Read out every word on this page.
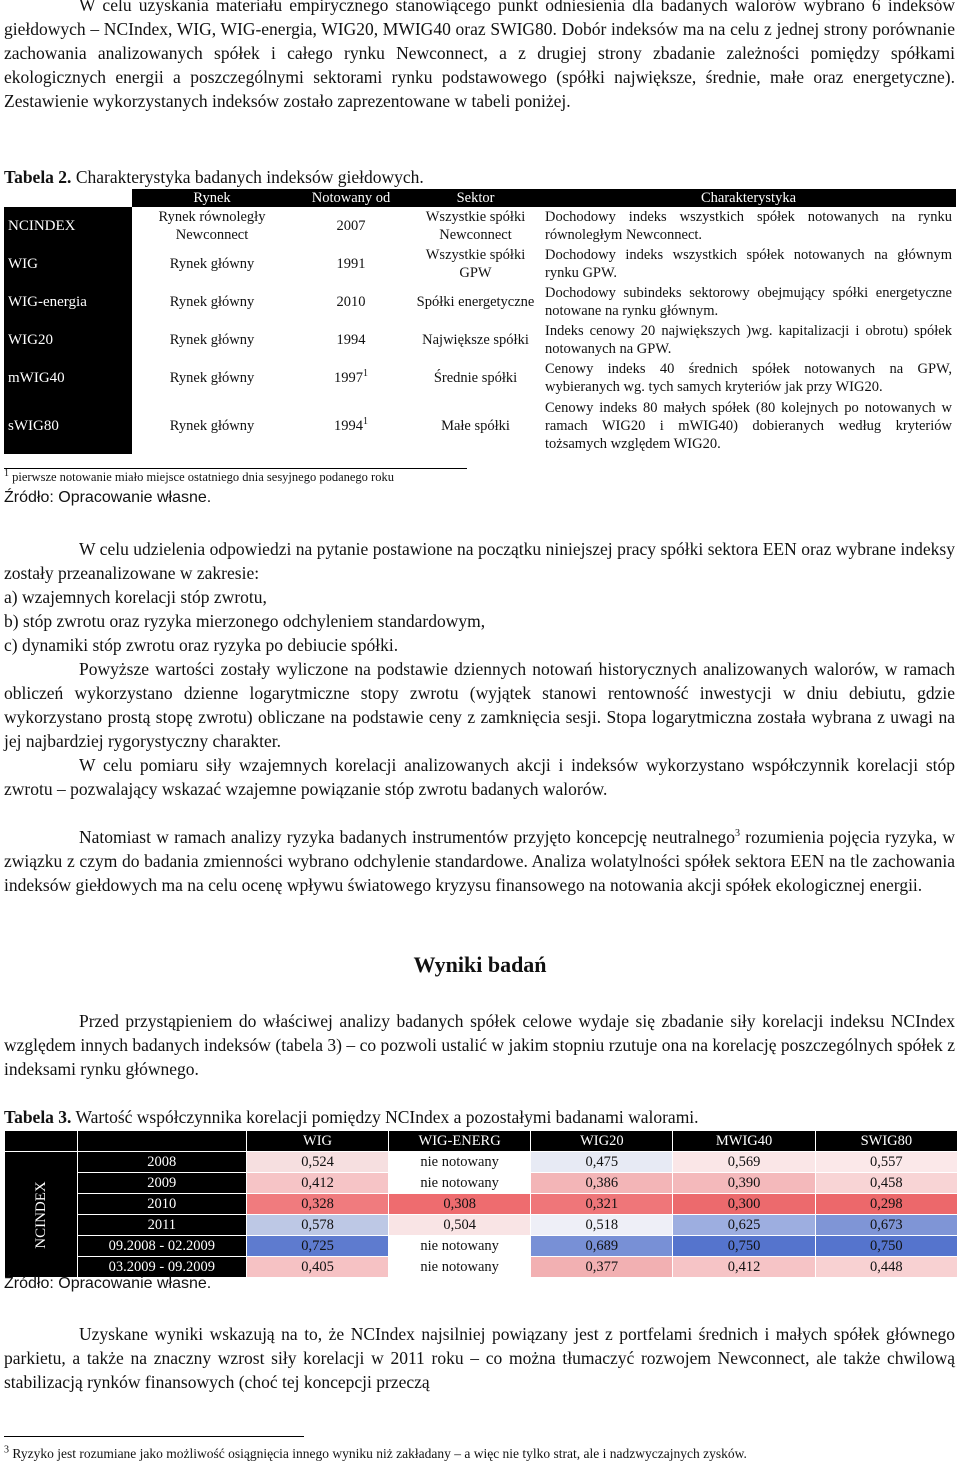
W celu uzyskania materiału empirycznego stanowiącego punkt odniesienia dla badanych walorów wybrano 6 indeksów giełdowych – NCIndex, WIG, WIG-energia, WIG20, MWIG40 oraz SWIG80. Dobór indeksów ma na celu z jednej strony porównanie zachowania analizowanych spółek i całego rynku Newconnect, a z drugiej strony zbadanie zależności pomiędzy spółkami ekologicznych energii a poszczególnymi sektorami rynku podstawowego (spółki największe, średnie, małe oraz energetyczne). Zestawienie wykorzystanych indeksów zostało zaprezentowane w tabeli poniżej.

Tabela 2. Charakterystyka badanych indeksów giełdowych.
	Rynek	Notowany od	Sektor	Charakterystyka
NCINDEX	Rynek równoległy Newconnect	2007	Wszystkie spółki Newconnect	Dochodowy indeks wszystkich spółek notowanych na rynku równoległym Newconnect.
WIG	Rynek główny	1991	Wszystkie spółki GPW	Dochodowy indeks wszystkich spółek notowanych na głównym rynku GPW.
WIG-energia	Rynek główny	2010	Spółki energetyczne	Dochodowy subindeks sektorowy obejmujący spółki energetyczne notowane na rynku głównym.
WIG20	Rynek główny	1994	Największe spółki	Indeks cenowy 20 największych )wg. kapitalizacji i obrotu) spółek notowanych na GPW.
mWIG40	Rynek główny	1997$^1$	Średnie spółki	Cenowy indeks 40 średnich spółek notowanych na GPW, wybieranych wg. tych samych kryteriów jak przy WIG20.
sWIG80	Rynek główny	1994$^1$	Małe spółki	Cenowy indeks 80 małych spółek (80 kolejnych po notowanych w ramach WIG20 i mWIG40) dobieranych według kryteriów tożsamych względem WIG20.
$^1$ pierwsze notowanie miało miejsce ostatniego dnia sesyjnego podanego roku
Źródło: Opracowanie własne.

W celu udzielenia odpowiedzi na pytanie postawione na początku niniejszej pracy spółki sektora EEN oraz wybrane indeksy zostały przeanalizowane w zakresie:

a) wzajemnych korelacji stóp zwrotu,
b) stóp zwrotu oraz ryzyka mierzonego odchyleniem standardowym,
c) dynamiki stóp zwrotu oraz ryzyka po debiucie spółki.

Powyższe wartości zostały wyliczone na podstawie dziennych notowań historycznych analizowanych walorów, w ramach obliczeń wykorzystano dzienne logarytmiczne stopy zwrotu (wyjątek stanowi rentowność inwestycji w dniu debiutu, gdzie wykorzystano prostą stopę zwrotu) obliczane na podstawie ceny z zamknięcia sesji. Stopa logarytmiczna została wybrana z uwagi na jej najbardziej rygorystyczny charakter.

W celu pomiaru siły wzajemnych korelacji analizowanych akcji i indeksów wykorzystano współczynnik korelacji stóp zwrotu – pozwalający wskazać wzajemne powiązanie stóp zwrotu badanych walorów.

Natomiast w ramach analizy ryzyka badanych instrumentów przyjęto koncepcję neutralnego$^3$ rozumienia pojęcia ryzyka, w związku z czym do badania zmienności wybrano odchylenie standardowe. Analiza wolatylności spółek sektora EEN na tle zachowania indeksów giełdowych ma na celu ocenę wpływu światowego kryzysu finansowego na notowania akcji spółek ekologicznej energii.

Wyniki badań

Przed przystąpieniem do właściwej analizy badanych spółek celowe wydaje się zbadanie siły korelacji indeksu NCIndex względem innych badanych indeksów (tabela 3) – co pozwoli ustalić w jakim stopniu rzutuje ona na korelację poszczególnych spółek z indeksami rynku głównego.

Tabela 3. Wartość współczynnika korelacji pomiędzy NCIndex a pozostałymi badanami walorami.
		WIG	WIG-ENERG	WIG20	MWIG40	SWIG80
NCINDEX	2008	0,524	nie notowany	0,475	0,569	0,557
	2009	0,412	nie notowany	0,386	0,390	0,458
	2010	0,328	0,308	0,321	0,300	0,298
	2011	0,578	0,504	0,518	0,625	0,673
	09.2008 - 02.2009	0,725	nie notowany	0,689	0,750	0,750
	03.2009 - 09.2009	0,405	nie notowany	0,377	0,412	0,448
Źródło: Opracowanie własne.

Uzyskane wyniki wskazują na to, że NCIndex najsilniej powiązany jest z portfelami średnich i małych spółek głównego parkietu, a także na znaczny wzrost siły korelacji w 2011 roku – co można tłumaczyć rozwojem Newconnect, ale także chwilową stabilizacją rynków finansowych (choć tej koncepcji przeczą

$^3$ Ryzyko jest rozumiane jako możliwość osiągnięcia innego wyniku niż zakładany – a więc nie tylko strat, ale i nadzwyczajnych zysków.
